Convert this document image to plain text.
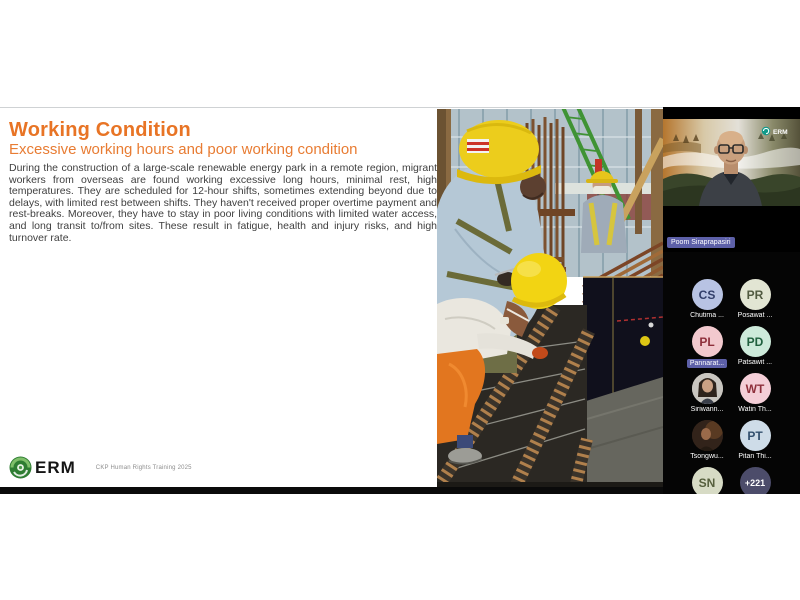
Working Condition
Excessive working hours and poor working condition

During the construction of a large-scale renewable energy park in a remote region, migrant workers from overseas are found working excessive long hours, minimal rest, high temperatures. They are scheduled for 12-hour shifts, sometimes extending beyond due to delays, with limited rest between shifts. They haven't received proper overtime payment and rest-breaks. Moreover, they have to stay in poor living conditions with limited water access, and long transit to/from sites. These result in fatigue, health and injury risks, and high turnover rate.

ERM	CKP Human Rights Training 2025
ERM
Poom Siraprapasiri
CS
Chutima ...
PR
Posawat ...
PL
Pannarat...
PD
Patsawit ...
Siriwann...
WT
Watin Th...
Tsongwu...
PT
Pitan Thi...
SN	+221
